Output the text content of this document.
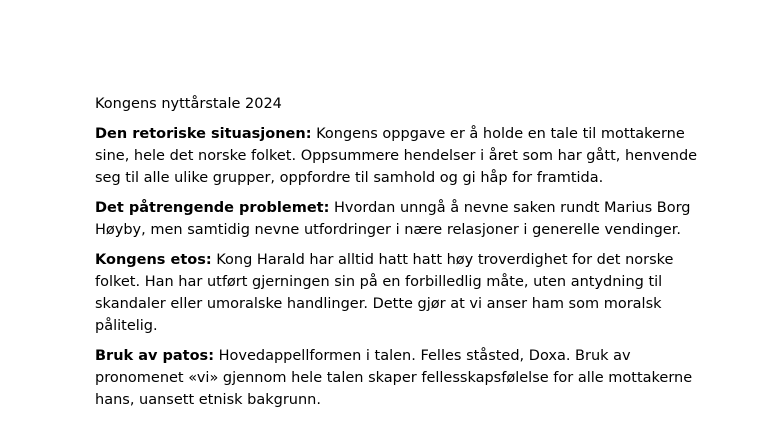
Kongens nyttårstale 2024

Den retoriske situasjonen: Kongens oppgave er å holde en tale til mottakerne sine, hele det norske folket. Oppsummere hendelser i året som har gått, henvende seg til alle ulike grupper, oppfordre til samhold og gi håp for framtida.

Det påtrengende problemet: Hvordan unngå å nevne saken rundt Marius Borg Høyby, men samtidig nevne utfordringer i nære relasjoner i generelle vendinger.

Kongens etos: Kong Harald har alltid hatt hatt høy troverdighet for det norske folket. Han har utført gjerningen sin på en forbilledlig måte, uten antydning til skandaler eller umoralske handlinger. Dette gjør at vi anser ham som moralsk pålitelig.

Bruk av patos: Hovedappellformen i talen. Felles ståsted, Doxa. Bruk av pronomenet «vi» gjennom hele talen skaper fellesskapsfølelse for alle mottakerne hans, uansett etnisk bakgrunn.
